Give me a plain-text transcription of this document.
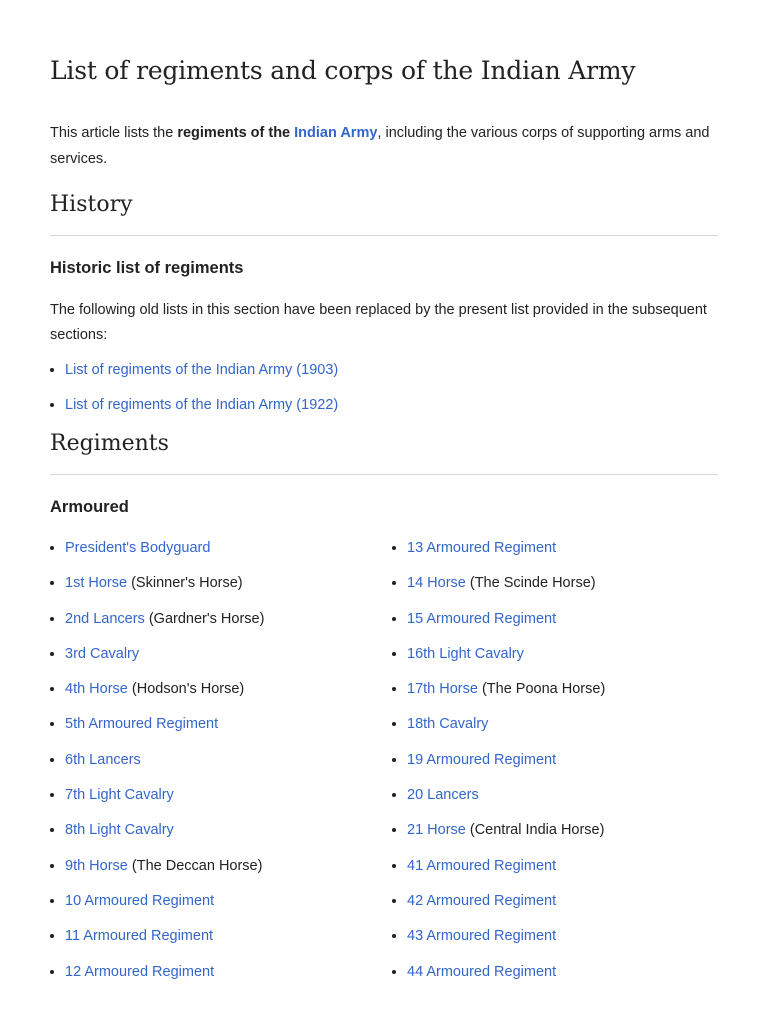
List of regiments and corps of the Indian Army
This article lists the regiments of the Indian Army, including the various corps of supporting arms and services.
History
Historic list of regiments
The following old lists in this section have been replaced by the present list provided in the subsequent sections:
List of regiments of the Indian Army (1903)
List of regiments of the Indian Army (1922)
Regiments
Armoured
President's Bodyguard
1st Horse (Skinner's Horse)
2nd Lancers (Gardner's Horse)
3rd Cavalry
4th Horse (Hodson's Horse)
5th Armoured Regiment
6th Lancers
7th Light Cavalry
8th Light Cavalry
9th Horse (The Deccan Horse)
10 Armoured Regiment
11 Armoured Regiment
12 Armoured Regiment
13 Armoured Regiment
14 Horse (The Scinde Horse)
15 Armoured Regiment
16th Light Cavalry
17th Horse (The Poona Horse)
18th Cavalry
19 Armoured Regiment
20 Lancers
21 Horse (Central India Horse)
41 Armoured Regiment
42 Armoured Regiment
43 Armoured Regiment
44 Armoured Regiment
